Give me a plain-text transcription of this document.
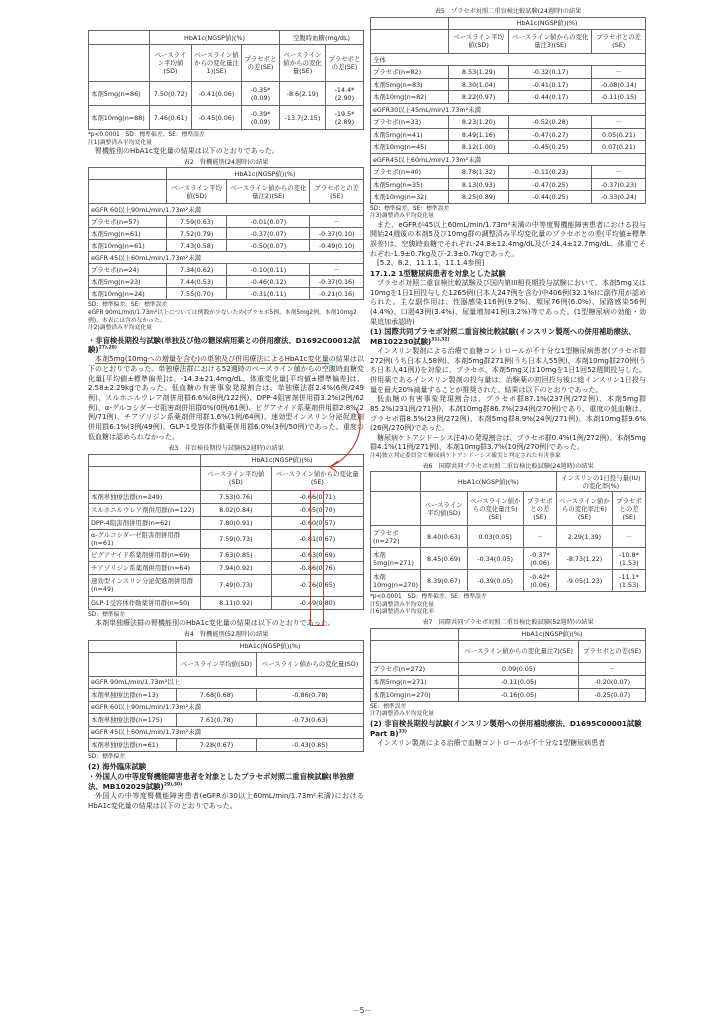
	HbA1c(NGSP値)(%)			空腹時血糖(mg/dL)	
	ベースライン平均値(SD)	ベースライン値からの変化量注1)(SE)	プラセボとの差(SE)	ベースライン値からの変化量(SE)	プラセボとの差(SE)
本剤5mg(n=86)	7.50(0.72)	-0.41(0.06)	-0.35*(0.09)	-8.6(2.19)	-14.4*(2.90)
本剤10mg(n=88)	7.46(0.61)	-0.45(0.06)	-0.39*(0.09)	-13.7(2.15)	-19.5*(2.89)
*p<0.0001　SD：標準偏差、SE：標準誤差
注1)調整済み平均変化量

腎機能別のHbA1c変化量の結果は以下のとおりであった。

表2　腎機能別(24週時)の結果
	HbA1c(NGSP値)(%)		
	ベースライン平均値(SD)	ベースライン値からの変化量注2)(SE)	プラセボとの差(SE)
eGFR 60以上90mL/min/1.73m²未満			
プラセボ(n=57)	7.59(0.63)	-0.01(0.07)	－
本剤5mg(n=61)	7.52(0.79)	-0.37(0.07)	-0.37(0.10)
本剤10mg(n=61)	7.43(0.58)	-0.50(0.07)	-0.49(0.10)
eGFR 45以上60mL/min/1.73m²未満			
プラセボ(n=24)	7.34(0.62)	-0.10(0.11)	－
本剤5mg(n=23)	7.44(0.53)	-0.46(0.12)	-0.37(0.16)
本剤10mg(n=24)	7.55(0.70)	-0.31(0.11)	-0.21(0.16)
SD：標準偏差、SE：標準誤差
eGFR 90mL/min/1.73m²以上については例数が少ないため(プラセボ5例、本剤5mg2例、本剤10mg2例)、本表には含めなかった。
注2)調整済み平均変化量
・非盲検長期投与試験(単独及び他の糖尿病用薬との併用療法、D1692C00012試験)$^{27),28)}$

本剤5mg(10mgへの増量を含む)の単独及び併用療法によるHbA1c変化量の結果は以下のとおりであった。単独療法群における52週時のベースライン値からの空腹時血糖変化量[平均値±標準偏差]は、-14.3±21.4mg/dL、体重変化量[平均値±標準偏差]は、2.58±2.29kgであった。低血糖の有害事象発現割合は、単独療法群2.4%(6例/249例)、スルホニルウレア剤併用群6.6%(8例/122例)、DPP-4阻害剤併用群3.2%(2例/62例)、α-グルコシダーゼ阻害剤併用群0%(0例/61例)、ビグアナイド系薬剤併用群2.8%(2例/71例)、チアゾリジン系薬剤併用群1.6%(1例/64例)、速効型インスリン分泌促進剤併用群6.1%(3例/49例)、GLP-1受容体作動薬併用群6.0%(3例/50例)であった。重度の低血糖は認められなかった。

表3　非盲検長期投与試験(52週時)の結果
	HbA1c(NGSP値)(%)	
	ベースライン平均値(SD)	ベースライン値からの変化量(SE)
本剤単独療法群(n=249)	7.53(0.76)	-0.66(0.71)
スルホニルウレア剤併用群(n=122)	8.02(0.84)	-0.65(0.70)
DPP-4阻害剤併用群(n=62)	7.80(0.91)	-0.60(0.57)
α-グルコシダーゼ阻害剤併用群(n=61)	7.59(0.73)	-0.81(0.67)
ビグアナイド系薬剤併用群(n=69)	7.63(0.85)	-0.63(0.69)
チアゾリジン系薬剤併用群(n=64)	7.94(0.92)	-0.86(0.76)
速効型インスリン分泌促進剤併用群(n=49)	7.49(0.73)	-0.76(0.65)
GLP-1受容体作動薬併用群(n=50)	8.11(0.92)	-0.49(0.80)
SD：標準偏差

本剤単独療法群の腎機能別のHbA1c変化量の結果は以下のとおりであった。

表4　腎機能別(52週時)の結果
	HbA1c(NGSP値)(%)	
	ベースライン平均値(SD)	ベースライン値からの変化量(SD)
eGFR 90mL/min/1.73m²以上		
本剤単独療法群(n=13)	7.68(0.68)	-0.86(0.78)
eGFR 60以上90mL/min/1.73m²未満		
本剤単独療法群(n=175)	7.61(0.78)	-0.73(0.63)
eGFR 45以上60mL/min/1.73m²未満		
本剤単独療法群(n=61)	7.28(0.67)	-0.43(0.85)
SD：標準偏差
(2) 海外臨床試験
・外国人の中等度腎機能障害患者を対象としたプラセボ対照二重盲検試験(単独療法、MB102029試験)$^{29),30)}$

外国人の中等度腎機能障害患者(eGFRが30以上60mL/min/1.73m²未満)におけるHbA1c変化量の結果は以下のとおりであった。

表5　プラセボ対照二重盲検比較試験(24週時)の結果
	HbA1c(NGSP値)(%)		
	ベースライン平均値(SD)	ベースライン値からの変化量注3)(SE)	プラセボとの差(SE)
全体			
プラセボ(n=82)	8.53(1.29)	-0.32(0.17)	－
本剤5mg(n=83)	8.30(1.04)	-0.41(0.17)	-0.08(0.14)
本剤10mg(n=82)	8.22(0.97)	-0.44(0.17)	-0.11(0.15)
eGFR30以上45mL/min/1.73m²未満			
プラセボ(n=33)	8.23(1.20)	-0.52(0.28)	－
本剤5mg(n=41)	8.49(1.16)	-0.47(0.27)	0.05(0.21)
本剤10mg(n=45)	8.12(1.00)	-0.45(0.25)	0.07(0.21)
eGFR45以上60mL/min/1.73m²未満			
プラセボ(n=40)	8.78(1.32)	-0.11(0.23)	－
本剤5mg(n=35)	8.13(0.93)	-0.47(0.25)	-0.37(0.23)
本剤10mg(n=32)	8.25(0.89)	-0.44(0.25)	-0.33(0.24)
SD：標準偏差、SE：標準誤差
注3)調整済み平均変化量

また、eGFRが45以上60mL/min/1.73m²未満の中等度腎機能障害患者における投与開始24週後の本剤5及び10mg群の調整済み平均変化量のプラセボとの差(平均値±標準誤差)は、空腹時血糖でそれぞれ-24.8±12.4mg/dL及び-24.4±12.7mg/dL、体重でそれぞれ-1.9±0.7kg及び-2.3±0.7kgであった。

[5.2、8.2、11.1.1、11.1.4参照]

17.1.2 1型糖尿病患者を対象とした試験

プラセボ対照二重盲検比較試験及び国内第III相長期投与試験において、本剤5mg又は10mgを1日1回投与した1265例(日本人247例を含む)中406例(32.1%)に副作用が認められた。主な副作用は、性器感染116例(9.2%)、頻尿76例(6.0%)、尿路感染56例(4.4%)、口渇43例(3.4%)、尿量増加41例(3.2%)等であった。(1型糖尿病の効能・効果追加承認時)

(1) 国際共同プラセボ対照二重盲検比較試験(インスリン製剤への併用補助療法、MB102230試験)$^{31),32)}$

インスリン製剤による治療で血糖コントロールが不十分な1型糖尿病患者(プラセボ群272例(うち日本人58例)、本剤5mg群271例(うち日本人55例)、本剤10mg群270例(うち日本人41例))を対象に、プラセボ、本剤5mg又は10mgを1日1回52週間投与した。併用薬であるインスリン製剤の投与量は、治験薬の初回投与後に総インスリン1日投与量を最大20%減量することが推奨された。結果は以下のとおりであった。

低血糖の有害事象発現割合は、プラセボ群87.1%(237例/272例)、本剤5mg群85.2%(231例/271例)、本剤10mg群86.7%(234例/270例)であり、重度の低血糖は、プラセボ群8.5%(23例/272例)、本剤5mg群8.9%(24例/271例)、本剤10mg群9.6%(26例/270例)であった。

糖尿病ケトアシドーシス注4)の発現割合は、プラセボ群0.4%(1例/272例)、本剤5mg群4.1%(11例/271例)、本剤10mg群3.7%(10例/270例)であった。

注4)独立判定委員会で糖尿病ケトアシドーシス確実と判定された有害事象
表6　国際共同プラセボ対照二重盲検比較試験(24週時)の結果
	HbA1c(NGSP値)(%)			インスリンの1日投与量(IU)の変化率(%)	
	ベースライン平均値(SD)	ベースライン値からの変化量注5)(SE)	プラセボとの差(SE)	ベースライン値からの変化率注6)(SE)	プラセボとの差(SE)
プラセボ(n=272)	8.40(0.63)	0.03(0.05)	－	2.29(1.39)	－
本剤5mg(n=271)	8.45(0.69)	-0.34(0.05)	-0.37*(0.06)	-8.73(1.22)	-10.8*(1.53)
本剤10mg(n=270)	8.39(0.67)	-0.39(0.05)	-0.42*(0.06)	-9.05(1.23)	-11.1*(1.53)
*p<0.0001　SD：標準偏差、SE：標準誤差
注5)調整済み平均変化量
注6)調整済み平均変化率
表7　国際共同プラセボ対照二重盲検比較試験(52週時)の結果
	HbA1c(NGSP値)(%)	
	ベースライン値からの変化量注7)(SE)	プラセボとの差(SE)
プラセボ(n=272)	0.09(0.05)	－
本剤5mg(n=271)	-0.11(0.05)	-0.20(0.07)
本剤10mg(n=270)	-0.16(0.05)	-0.25(0.07)
SE：標準誤差
注7)調整済み平均変化量
(2) 非盲検長期投与試験(インスリン製剤への併用補助療法、D1695C00001試験Part B)$^{33)}$

インスリン製剤による治療で血糖コントロールが不十分な1型糖尿病患者

－5－
